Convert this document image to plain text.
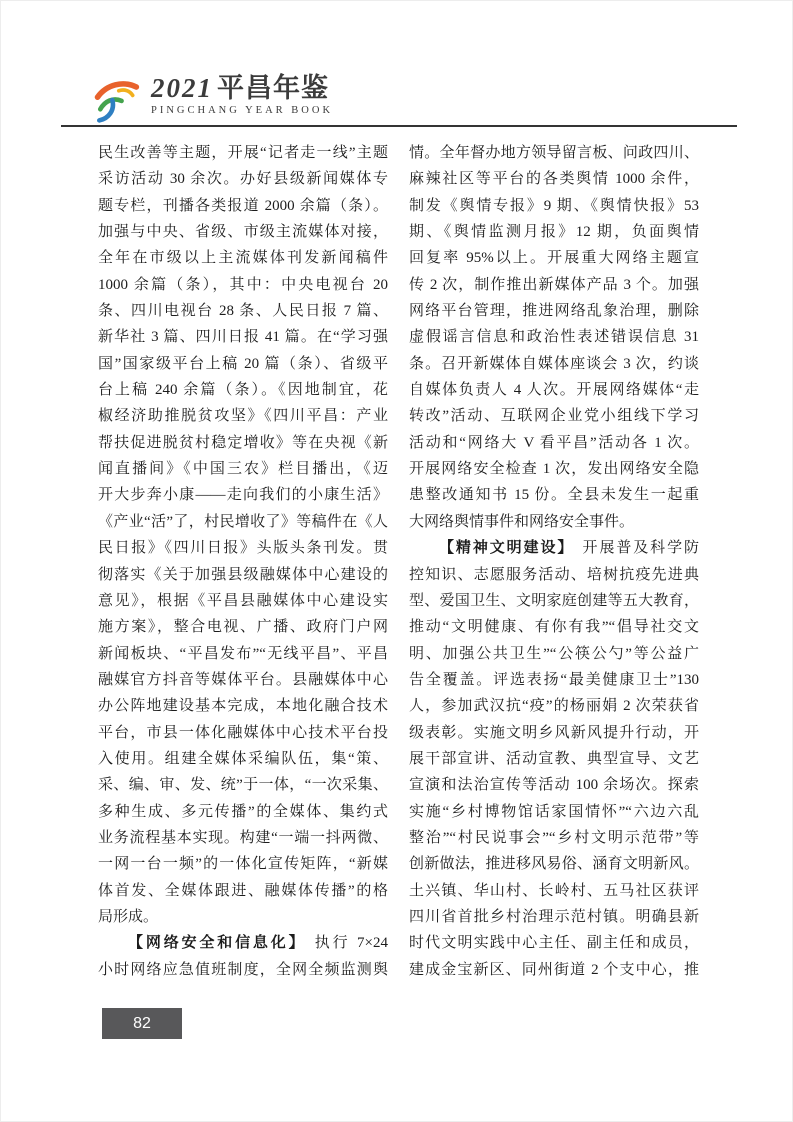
2021 平昌年鉴
PINGCHANG YEAR BOOK
民生改善等主题，开展“记者走一线”主题
采访活动 30 余次。办好县级新闻媒体专
题专栏，刊播各类报道 2000 余篇（条）。
加强与中央、省级、市级主流媒体对接，
全年在市级以上主流媒体刊发新闻稿件
1000 余篇（条），其中：中央电视台 20
条、四川电视台 28 条、人民日报 7 篇、
新华社 3 篇、四川日报 41 篇。在“学习强
国”国家级平台上稿 20 篇（条）、省级平
台上稿 240 余篇（条）。《因地制宜，花
椒经济助推脱贫攻坚》《四川平昌：产业
帮扶促进脱贫村稳定增收》等在央视《新
闻直播间》《中国三农》栏目播出，《迈
开大步奔小康——走向我们的小康生活》
《产业“活”了，村民增收了》等稿件在《人
民日报》《四川日报》头版头条刊发。贯
彻落实《关于加强县级融媒体中心建设的
意见》，根据《平昌县融媒体中心建设实
施方案》，整合电视、广播、政府门户网
新闻板块、“平昌发布”“无线平昌”、平昌
融媒官方抖音等媒体平台。县融媒体中心
办公阵地建设基本完成，本地化融合技术
平台，市县一体化融媒体中心技术平台投
入使用。组建全媒体采编队伍，集“策、
采、编、审、发、统”于一体，“一次采集、
多种生成、多元传播”的全媒体、集约式
业务流程基本实现。构建“一端一抖两微、
一网一台一频”的一体化宣传矩阵，“新媒
体首发、全媒体跟进、融媒体传播”的格
局形成。
【网络安全和信息化】 执行 7×24
小时网络应急值班制度，全网全频监测舆
情。全年督办地方领导留言板、问政四川、
麻辣社区等平台的各类舆情 1000 余件，
制发《舆情专报》9 期、《舆情快报》53
期、《舆情监测月报》12 期，负面舆情
回复率 95%以上。开展重大网络主题宣
传 2 次，制作推出新媒体产品 3 个。加强
网络平台管理，推进网络乱象治理，删除
虚假谣言信息和政治性表述错误信息 31
条。召开新媒体自媒体座谈会 3 次，约谈
自媒体负责人 4 人次。开展网络媒体“走
转改”活动、互联网企业党小组线下学习
活动和“网络大 V 看平昌”活动各 1 次。
开展网络安全检查 1 次，发出网络安全隐
患整改通知书 15 份。全县未发生一起重
大网络舆情事件和网络安全事件。
【精神文明建设】 开展普及科学防
控知识、志愿服务活动、培树抗疫先进典
型、爱国卫生、文明家庭创建等五大教育，
推动“文明健康、有你有我”“倡导社交文
明、加强公共卫生”“公筷公勺”等公益广
告全覆盖。评选表扬“最美健康卫士”130
人，参加武汉抗“疫”的杨丽娟 2 次荣获省
级表彰。实施文明乡风新风提升行动，开
展干部宣讲、活动宣教、典型宣导、文艺
宣演和法治宣传等活动 100 余场次。探索
实施“乡村博物馆话家国情怀”“六边六乱
整治”“村民说事会”“乡村文明示范带”等
创新做法，推进移风易俗、涵育文明新风。
土兴镇、华山村、长岭村、五马社区获评
四川省首批乡村治理示范村镇。明确县新
时代文明实践中心主任、副主任和成员，
建成金宝新区、同州街道 2 个支中心，推
82
